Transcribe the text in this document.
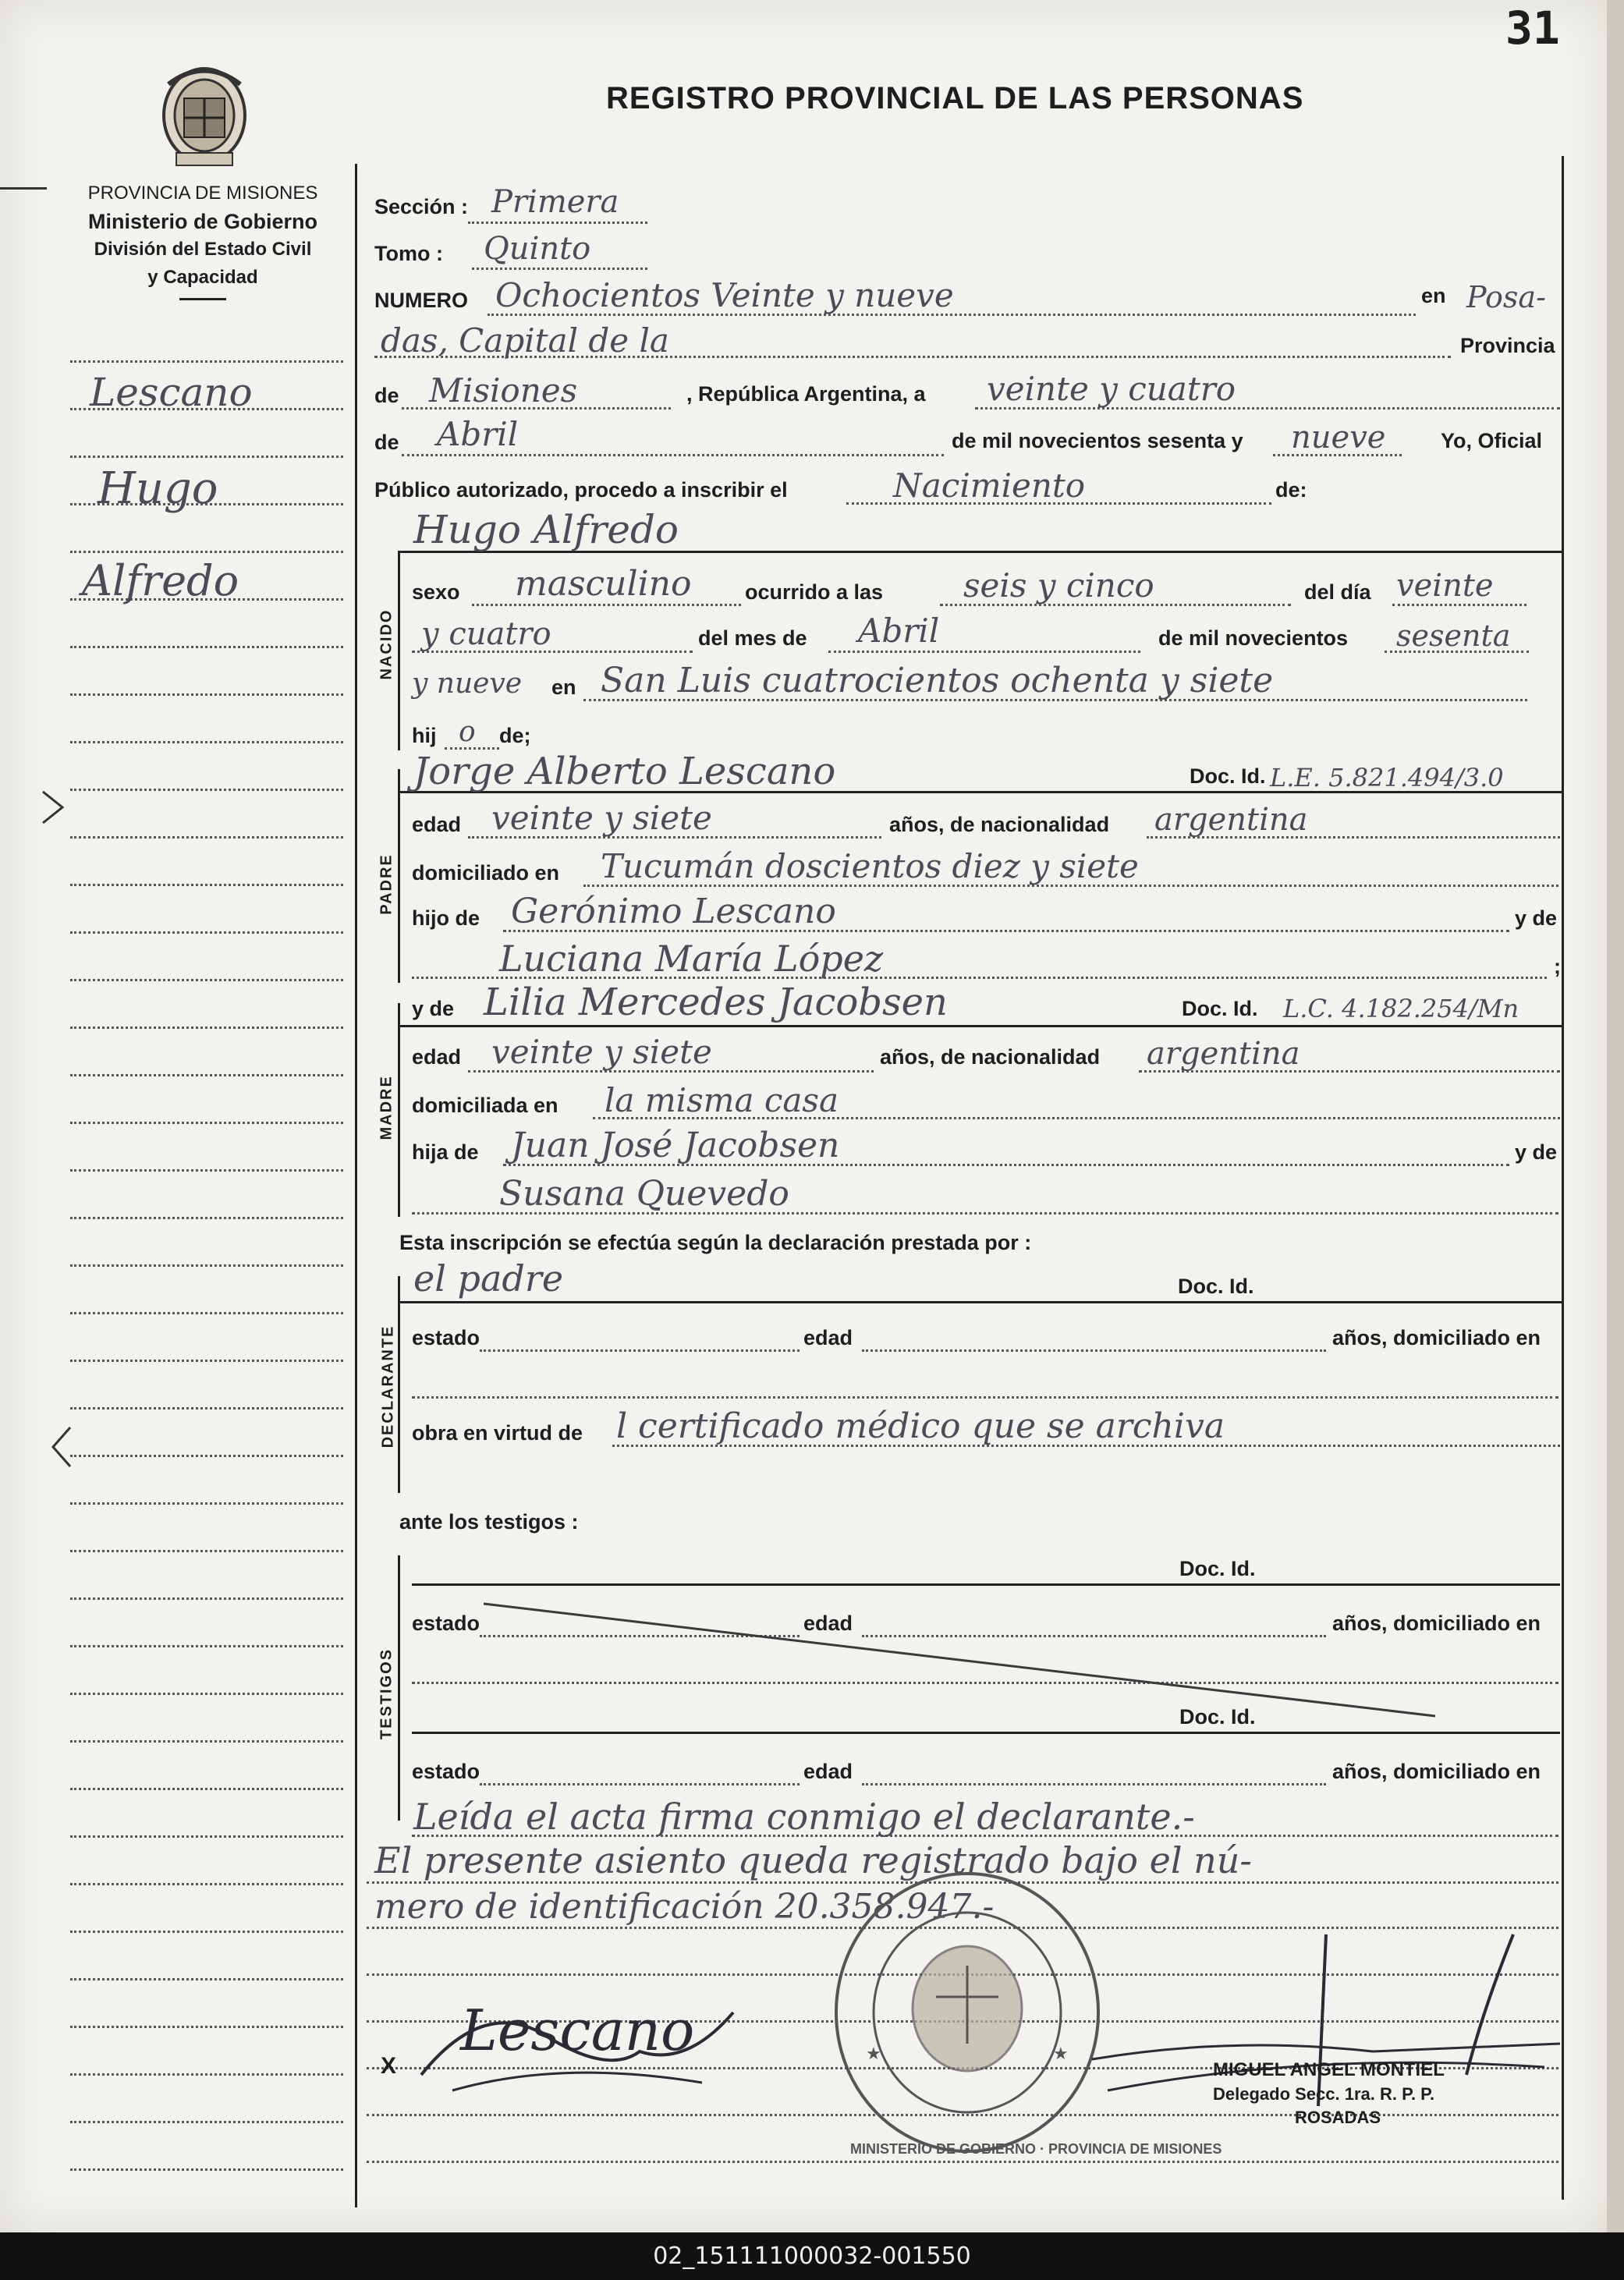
31
PROVINCIA DE MISIONES
Ministerio de Gobierno
División del Estado Civil
y Capacidad
REGISTRO PROVINCIAL DE LAS PERSONAS
Lescano
Hugo
Alfredo
Sección : Primera
Tomo : Quinto
NUMERO Ochocientos Veinte y nueve	en Posa-
das, Capital de la	Provincia
de Misiones	, República Argentina, a veinte y cuatro
de Abril	de mil novecientos sesenta y nueve	Yo, Oficial
Público autorizado, procedo a inscribir el	Nacimiento	de:
NACIDO
Hugo Alfredo
sexo masculino	ocurrido a las seis y cinco	del día veinte
y cuatro	del mes de Abril	de mil novecientos sesenta
y nueve en San Luis cuatrocientos ochenta y siete
hij o de;
PADRE
Jorge Alberto Lescano	Doc. Id. L.E. 5.821.494/3.0
edad veinte y siete	años, de nacionalidad argentina
domiciliado en Tucumán doscientos diez y siete
hijo de Gerónimo Lescano	y de
Luciana María López	;
MADRE
y de Lilia Mercedes Jacobsen	Doc. Id. L.C. 4.182.254/Mn
edad veinte y siete	años, de nacionalidad argentina
domiciliada en la misma casa
hija de Juan José Jacobsen	y de
Susana Quevedo
Esta inscripción se efectúa según la declaración prestada por :
DECLARANTE
el padre	Doc. Id.
estado	edad	años, domiciliado en
obra en virtud de l certificado médico que se archiva
ante los testigos :
TESTIGOS
Doc. Id.
estado	edad	años, domiciliado en
Doc. Id.
estado	edad	años, domiciliado en
Leída el acta firma conmigo el declarante.-
El presente asiento queda registrado bajo el nú-
mero de identificación 20.358.947.-
X
Lescano	★	★
MINISTERIO DE GOBIERNO · PROVINCIA DE MISIONES
MIGUEL ANGEL MONTIEL
Delegado Secc. 1ra. R. P. P.
ROSADAS
02_151111000032-001550
